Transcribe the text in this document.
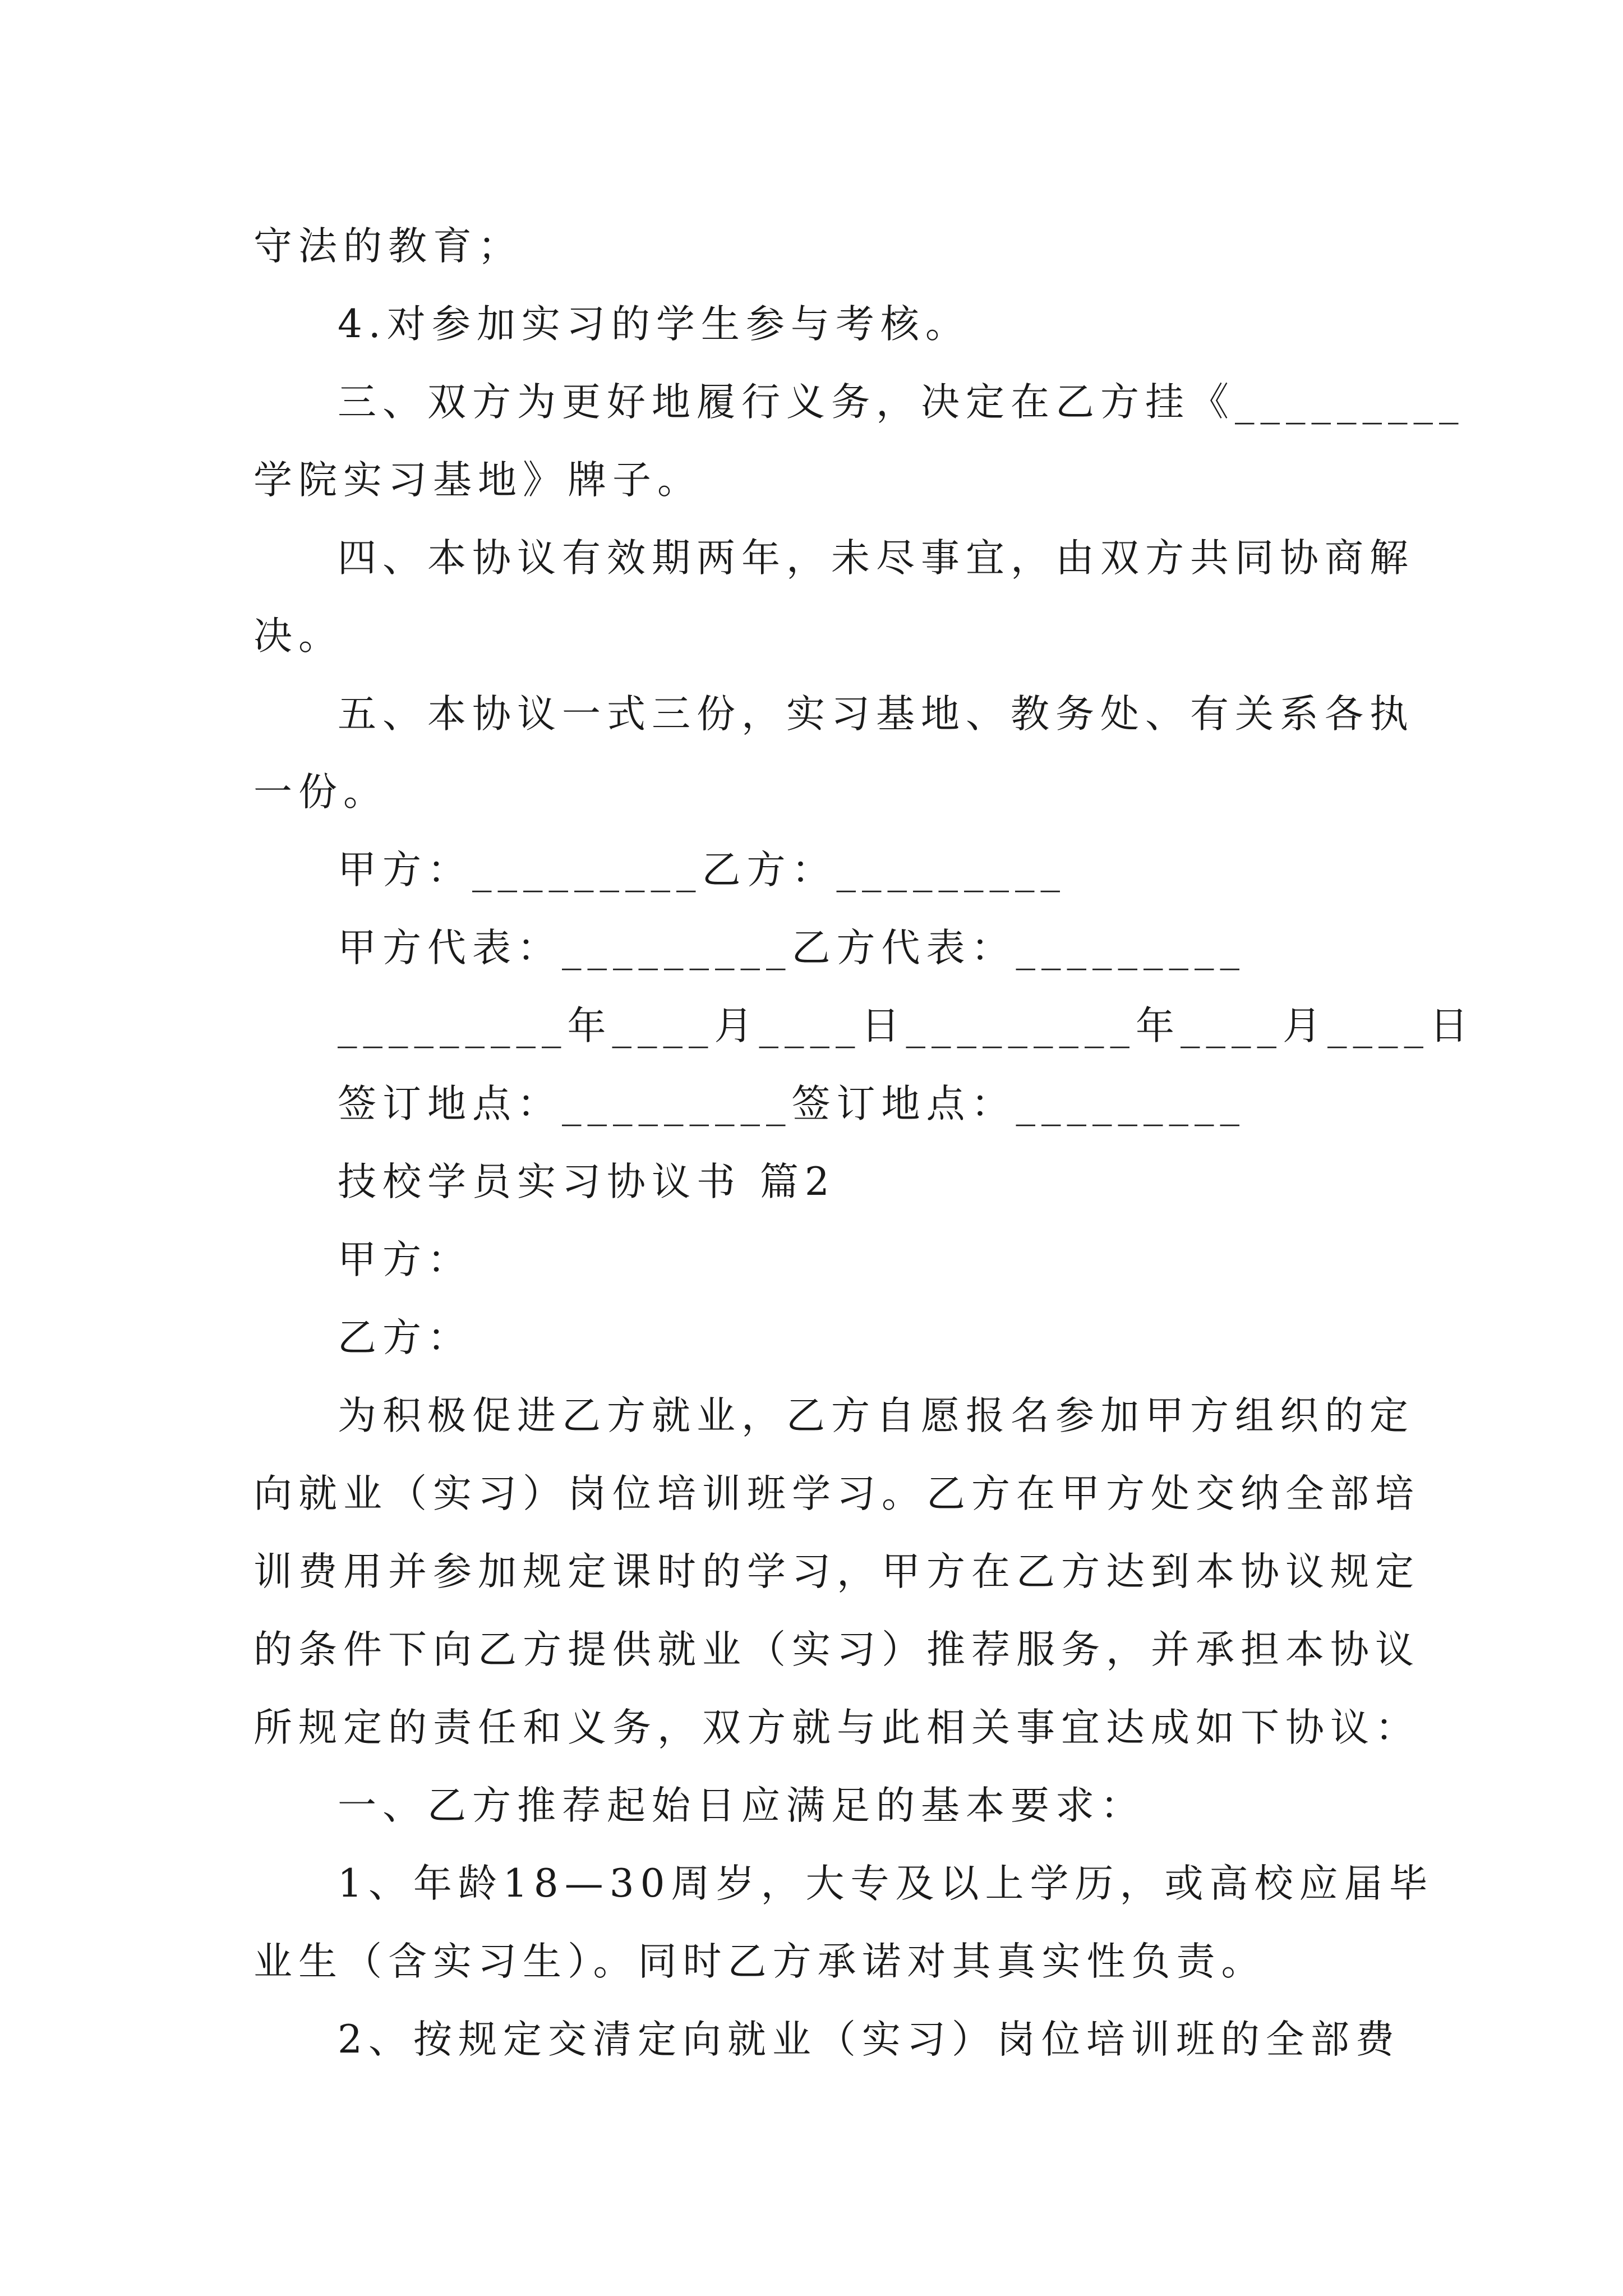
守法的教育；
4.对参加实习的学生参与考核。
三、双方为更好地履行义务，决定在乙方挂《_________
学院实习基地》牌子。
四、本协议有效期两年，未尽事宜，由双方共同协商解
决。
五、本协议一式三份，实习基地、教务处、有关系各执
一份。
甲方：_________乙方：_________
甲方代表：_________乙方代表：_________
_________年____月____日_________年____月____日
签订地点：_________签订地点：_________
技校学员实习协议书 篇2
甲方：
乙方：
为积极促进乙方就业，乙方自愿报名参加甲方组织的定
向就业（实习）岗位培训班学习。乙方在甲方处交纳全部培
训费用并参加规定课时的学习，甲方在乙方达到本协议规定
的条件下向乙方提供就业（实习）推荐服务，并承担本协议
所规定的责任和义务，双方就与此相关事宜达成如下协议：
一、乙方推荐起始日应满足的基本要求：
1、年龄18—30周岁，大专及以上学历，或高校应届毕
业生（含实习生）。同时乙方承诺对其真实性负责。
2、按规定交清定向就业（实习）岗位培训班的全部费
